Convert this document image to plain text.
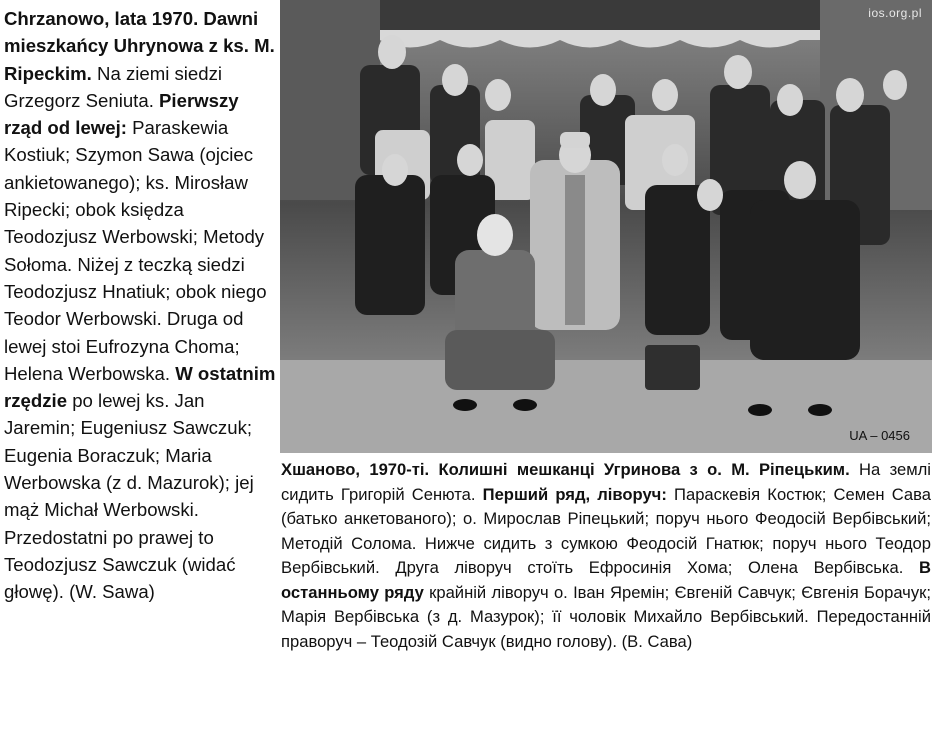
Chrzanowo, lata 1970. Dawni mieszkańcy Uhrynowa z ks. M. Ripeckim. Na ziemi siedzi Grzegorz Seniuta. Pierwszy rząd od lewej: Paraskewia Kostiuk; Szymon Sawa (ojciec ankietowanego); ks. Mirosław Ripecki; obok księdza Teodozjusz Werbowski; Metody Sołoma. Niżej z teczką siedzi Teodozjusz Hnatiuk; obok niego Teodor Werbowski. Druga od lewej stoi Eufrozyna Choma; Helena Werbowska. W ostatnim rzędzie po lewej ks. Jan Jaremin; Eugeniusz Sawczuk; Eugenia Boraczuk; Maria Werbowska (z d. Mazurok); jej mąż Michał Werbowski. Przedostatni po prawej to Teodozjusz Sawczuk (widać głowę). (W. Sawa)
ios.org.pl
UA – 0456
Хшаново, 1970-ті. Колишні мешканці Угринова з о. М. Ріпецьким. На землі сидить Григорій Сенюта. Перший ряд, ліворуч: Параскевія Костюк; Семен Сава (батько анкетованого); о. Мирослав Ріпецький; поруч нього Феодосій Вербівський; Методій Солома. Нижче сидить з сумкою Феодосій Гнатюк; поруч нього Теодор Вербівський. Друга ліворуч стоїть Ефросинія Хома; Олена Вербівська. В останньому ряду крайній ліворуч о. Іван Яремін; Євгеній Савчук; Євгенія Борачук; Марія Вербівська (з д. Мазурок); її чоловік Михайло Вербівський. Передостанній праворуч – Теодозій Савчук (видно голову). (В. Сава)
